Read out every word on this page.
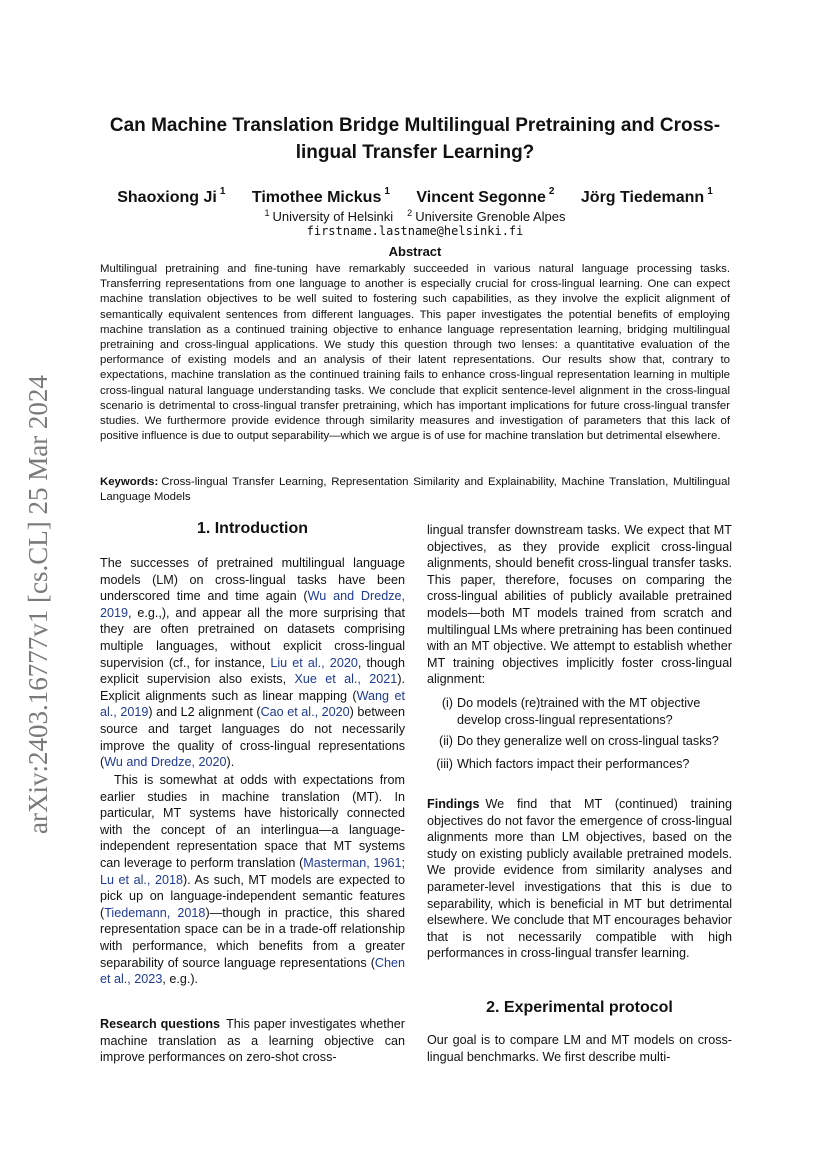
arXiv:2403.16777v1 [cs.CL] 25 Mar 2024
Can Machine Translation Bridge Multilingual Pretraining and Cross-lingual Transfer Learning?
Shaoxiong Ji $^1$ Timothee Mickus $^1$ Vincent Segonne $^2$ Jörg Tiedemann $^1$
$^1$ University of Helsinki $^2$ Universite Grenoble Alpes
firstname.lastname@helsinki.fi
Abstract

Multilingual pretraining and fine-tuning have remarkably succeeded in various natural language processing tasks. Transferring representations from one language to another is especially crucial for cross-lingual learning. One can expect machine translation objectives to be well suited to fostering such capabilities, as they involve the explicit alignment of semantically equivalent sentences from different languages. This paper investigates the potential benefits of employing machine translation as a continued training objective to enhance language representation learning, bridging multilingual pretraining and cross-lingual applications. We study this question through two lenses: a quantitative evaluation of the performance of existing models and an analysis of their latent representations. Our results show that, contrary to expectations, machine translation as the continued training fails to enhance cross-lingual representation learning in multiple cross-lingual natural language understanding tasks. We conclude that explicit sentence-level alignment in the cross-lingual scenario is detrimental to cross-lingual transfer pretraining, which has important implications for future cross-lingual transfer studies. We furthermore provide evidence through similarity measures and investigation of parameters that this lack of positive influence is due to output separability—which we argue is of use for machine translation but detrimental elsewhere.

Keywords: Cross-lingual Transfer Learning, Representation Similarity and Explainability, Machine Translation, Multilingual Language Models

1. Introduction

The successes of pretrained multilingual language models (LM) on cross-lingual tasks have been underscored time and time again (Wu and Dredze, 2019, e.g.,), and appear all the more surprising that they are often pretrained on datasets comprising multiple languages, without explicit cross-lingual supervision (cf., for instance, Liu et al., 2020, though explicit supervision also exists, Xue et al., 2021). Explicit alignments such as linear mapping (Wang et al., 2019) and L2 alignment (Cao et al., 2020) between source and target languages do not necessarily improve the quality of cross-lingual representations (Wu and Dredze, 2020).

This is somewhat at odds with expectations from earlier studies in machine translation (MT). In particular, MT systems have historically connected with the concept of an interlingua—a language-independent representation space that MT systems can leverage to perform translation (Masterman, 1961; Lu et al., 2018). As such, MT models are expected to pick up on language-independent semantic features (Tiedemann, 2018)—though in practice, this shared representation space can be in a trade-off relationship with performance, which benefits from a greater separability of source language representations (Chen et al., 2023, e.g.).

Research questions This paper investigates whether machine translation as a learning objective can improve performances on zero-shot cross-

lingual transfer downstream tasks. We expect that MT objectives, as they provide explicit cross-lingual alignments, should benefit cross-lingual transfer tasks. This paper, therefore, focuses on comparing the cross-lingual abilities of publicly available pretrained models—both MT models trained from scratch and multilingual LMs where pretraining has been continued with an MT objective. We attempt to establish whether MT training objectives implicitly foster cross-lingual alignment:

(i) Do models (re)trained with the MT objective develop cross-lingual representations?
(ii) Do they generalize well on cross-lingual tasks?
(iii) Which factors impact their performances?

Findings We find that MT (continued) training objectives do not favor the emergence of cross-lingual alignments more than LM objectives, based on the study on existing publicly available pretrained models. We provide evidence from similarity analyses and parameter-level investigations that this is due to separability, which is beneficial in MT but detrimental elsewhere. We conclude that MT encourages behavior that is not necessarily compatible with high performances in cross-lingual transfer learning.

2. Experimental protocol

Our goal is to compare LM and MT models on cross-lingual benchmarks. We first describe multi-
